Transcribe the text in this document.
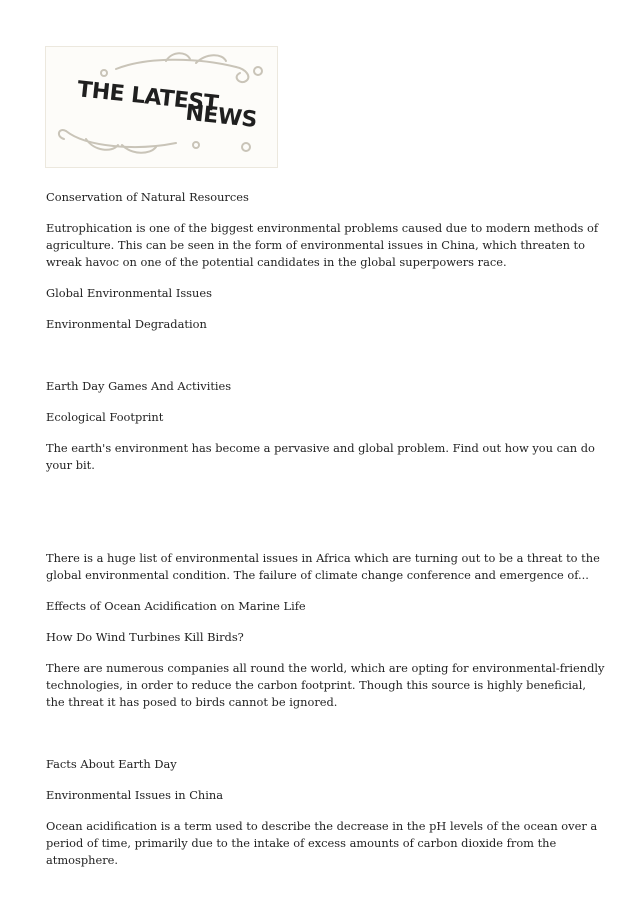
THE LATEST
NEWS

Conservation of Natural Resources

Eutrophication is one of the biggest environmental problems caused due to modern methods of agriculture. This can be seen in the form of environmental issues in China, which threaten to wreak havoc on one of the potential candidates in the global superpowers race.

Global Environmental Issues

Environmental Degradation

Earth Day Games And Activities

Ecological Footprint

The earth's environment has become a pervasive and global problem. Find out how you can do your bit.

There is a huge list of environmental issues in Africa which are turning out to be a threat to the global environmental condition. The failure of climate change conference and emergence of...

Effects of Ocean Acidification on Marine Life

How Do Wind Turbines Kill Birds?

There are numerous companies all round the world, which are opting for environmental-friendly technologies, in order to reduce the carbon footprint. Though this source is highly beneficial, the threat it has posed to birds cannot be ignored.

Facts About Earth Day

Environmental Issues in China

Ocean acidification is a term used to describe the decrease in the pH levels of the ocean over a period of time, primarily due to the intake of excess amounts of carbon dioxide from the atmosphere.
